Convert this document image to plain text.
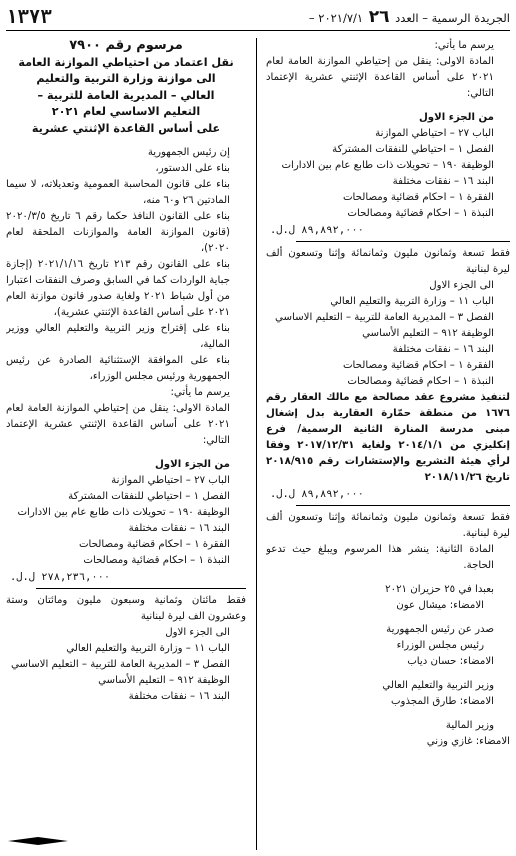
الجريدة الرسمية – العدد ٢٦ ٢٠٢١/٧/١ –
١٣٧٣

يرسم ما يأتي:

المادة الاولى: ينقل من إحتياطي الموازنة العامة لعام ٢٠٢١ على أساس القاعدة الإثنتي عشرية الإعتماد التالي:

من الجزء الاول

الباب ٢٧ – احتياطي الموازنة

الفصل ١ – احتياطي للنفقات المشتركة

الوظيفة ١٩٠ – تحويلات ذات طابع عام بين الادارات

البند ١٦ – نفقات مختلفة

الفقرة ١ – احكام قضائية ومصالحات

النبذة ١ – احكام قضائية ومصالحات

٨٩,٨٩٢,٠٠٠ ل.ل.

فقط تسعة وثمانون مليون وثمانمائة وإثنا وتسعون ألف ليرة لبنانية

الى الجزء الاول

الباب ١١ – وزارة التربية والتعليم العالي

الفصل ٣ – المديرية العامة للتربية – التعليم الاساسي

الوظيفة ٩١٢ – التعليم الأساسي

البند ١٦ – نفقات مختلفة

الفقرة ١ – احكام قضائية ومصالحات

النبذة ١ – احكام قضائية ومصالحات

لتنفيذ مشروع عقد مصالحة مع مالك العقار رقم ١٦٧٦ من منطقة حمّارة العقارية بدل إشغال مبنى مدرسة المنارة الثانية الرسمية/ فرع إنكليزي من ٢٠١٤/١/١ ولغاية ٢٠١٧/١٢/٣١ وفقا لرأي هيئة التشريع والإستشارات رقم ٢٠١٨/٩١٥ تاريخ ٢٠١٨/١١/٢٦

٨٩,٨٩٢,٠٠٠ ل.ل.

فقط تسعة وثمانون مليون وثمانمائة وإثنا وتسعون ألف ليرة لبنانية.

المادة الثانية: ينشر هذا المرسوم ويبلغ حيث تدعو الحاجة.

بعبدا في ٢٥ حزيران ٢٠٢١

الامضاء: ميشال عون

صدر عن رئيس الجمهورية

رئيس مجلس الوزراء

الامضاء: حسان دياب

وزير التربية والتعليم العالي

الامضاء: طارق المجذوب

وزير المالية

الامضاء: غازي وزني

مرسوم رقم ٧٩٠٠

نقل اعتماد من احتياطي الموازنة العامة

الى موازنة وزارة التربية والتعليم

العالي – المديرية العامة للتربية –

التعليم الاساسي لعام ٢٠٢١

على أساس القاعدة الإثنتي عشرية

إن رئيس الجمهورية

بناء على الدستور،

بناء على قانون المحاسبة العمومية وتعديلاته، لا سيما المادتين ٢٦ و٦٠ منه،

بناء على القانون النافذ حكما رقم ٦ تاريخ ٢٠٢٠/٣/٥ (قانون الموازنة العامة والموازنات الملحقة لعام ٢٠٢٠)،

بناء على القانون رقم ٢١٣ تاريخ ٢٠٢١/١/١٦ (إجازة جباية الواردات كما في السابق وصرف النفقات اعتبارا من أول شباط ٢٠٢١ ولغاية صدور قانون موازنة العام ٢٠٢١ على أساس القاعدة الإثنتي عشرية)،

بناء على إقتراح وزير التربية والتعليم العالي ووزير المالية،

بناء على الموافقة الإستثنائية الصادرة عن رئيس الجمهورية ورئيس مجلس الوزراء،

يرسم ما يأتي:

المادة الاولى: ينقل من إحتياطي الموازنة العامة لعام ٢٠٢١ على أساس القاعدة الإثنتي عشرية الإعتماد التالي:

من الجزء الاول

الباب ٢٧ – احتياطي الموازنة

الفصل ١ – احتياطي للنفقات المشتركة

الوظيفة ١٩٠ – تحويلات ذات طابع عام بين الادارات

البند ١٦ – نفقات مختلفة

الفقرة ١ – احكام قضائية ومصالحات

النبذة ١ – احكام قضائية ومصالحات

٢٧٨,٢٣٦,٠٠٠ ل.ل.

فقط مائتان وثمانية وسبعون مليون ومائتان وستة وعشرون الف ليرة لبنانية

الى الجزء الاول

الباب ١١ – وزارة التربية والتعليم العالي

الفصل ٣ – المديرية العامة للتربية – التعليم الاساسي

الوظيفة ٩١٢ – التعليم الأساسي

البند ١٦ – نفقات مختلفة
